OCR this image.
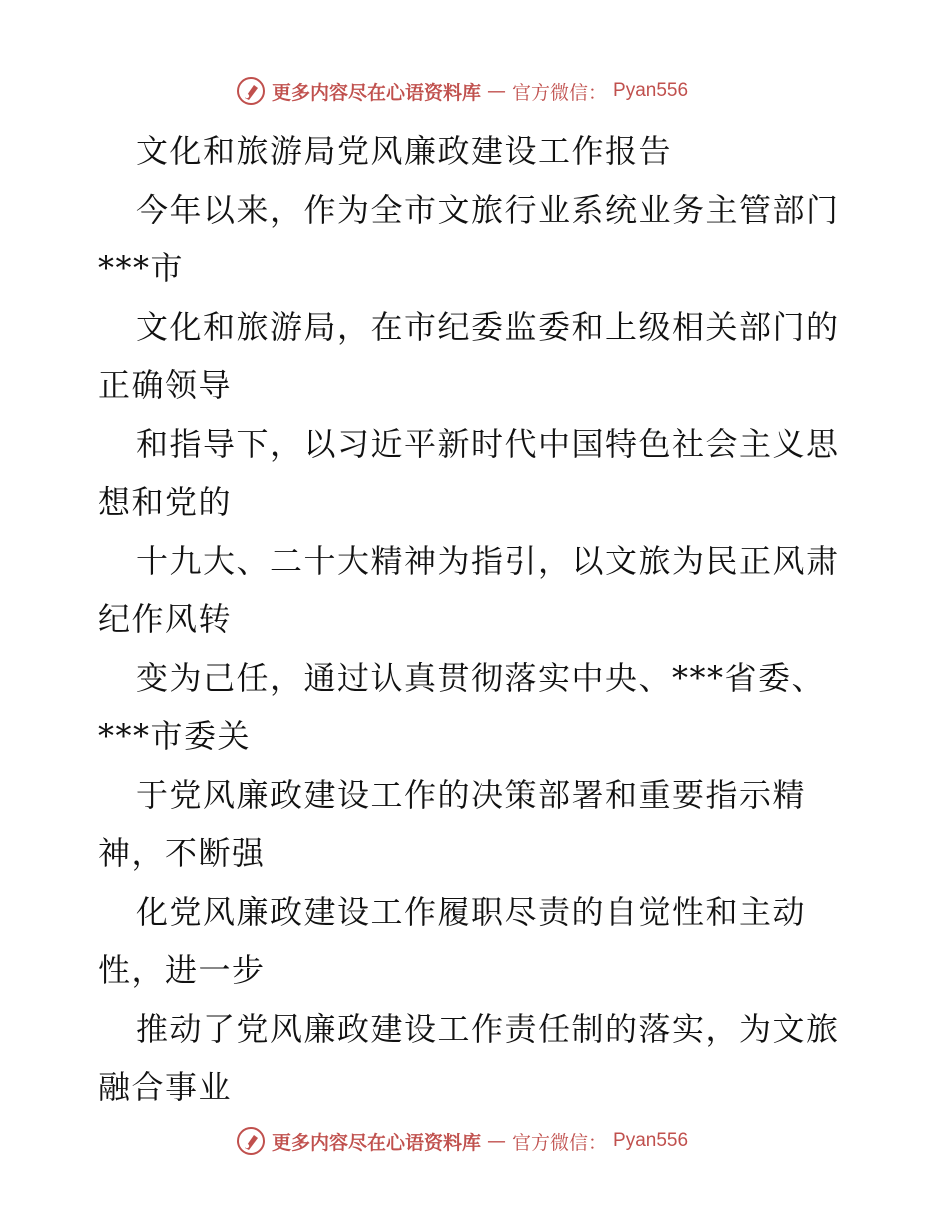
更多内容尽在心语资料库 — 官方微信： Pyan556
文化和旅游局党风廉政建设工作报告
今年以来，作为全市文旅行业系统业务主管部门
***市
文化和旅游局，在市纪委监委和上级相关部门的
正确领导
和指导下，以习近平新时代中国特色社会主义思
想和党的
十九大、二十大精神为指引，以文旅为民正风肃
纪作风转
变为己任，通过认真贯彻落实中央、***省委、
***市委关
于党风廉政建设工作的决策部署和重要指示精
神，不断强
化党风廉政建设工作履职尽责的自觉性和主动
性，进一步
推动了党风廉政建设工作责任制的落实，为文旅
融合事业
更多内容尽在心语资料库 — 官方微信： Pyan556
